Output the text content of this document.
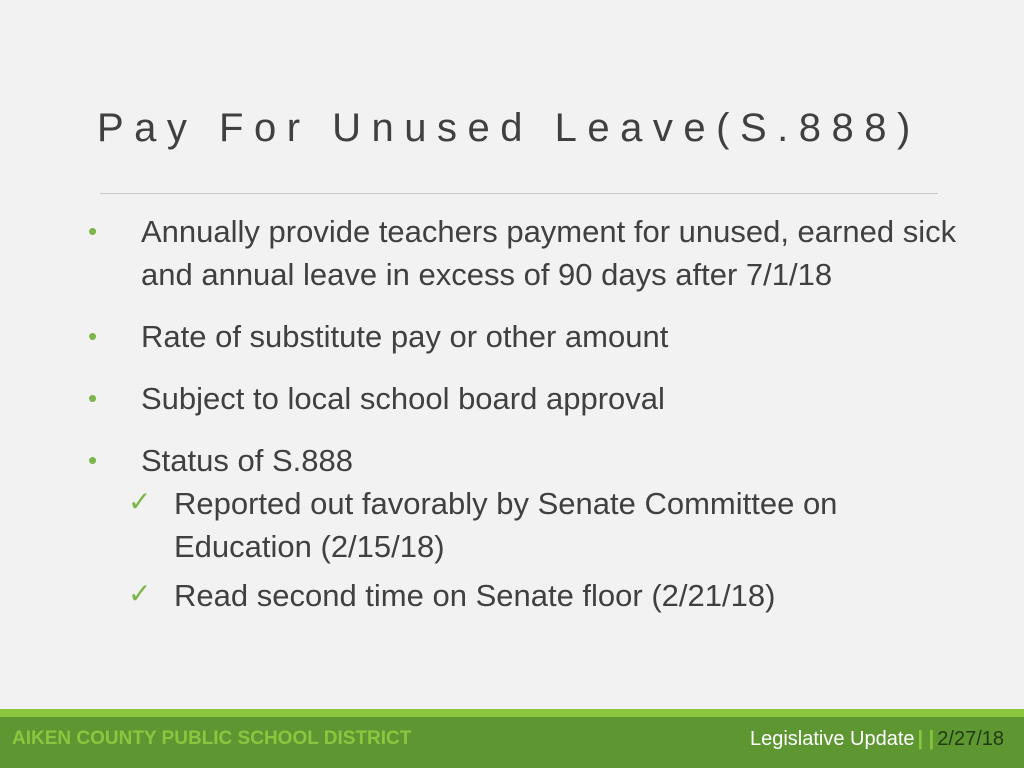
Pay For Unused Leave(S.888)
•	Annually provide teachers payment for unused, earned sick and annual leave in excess of 90 days after 7/1/18
•	Rate of substitute pay or other amount
•	Subject to local school board approval
•	Status of S.888
✓ Reported out favorably by Senate Committee on Education (2/15/18)
✓ Read second time on Senate floor (2/21/18)
AIKEN COUNTY PUBLIC SCHOOL DISTRICT	Legislative Update | | 2/27/18
